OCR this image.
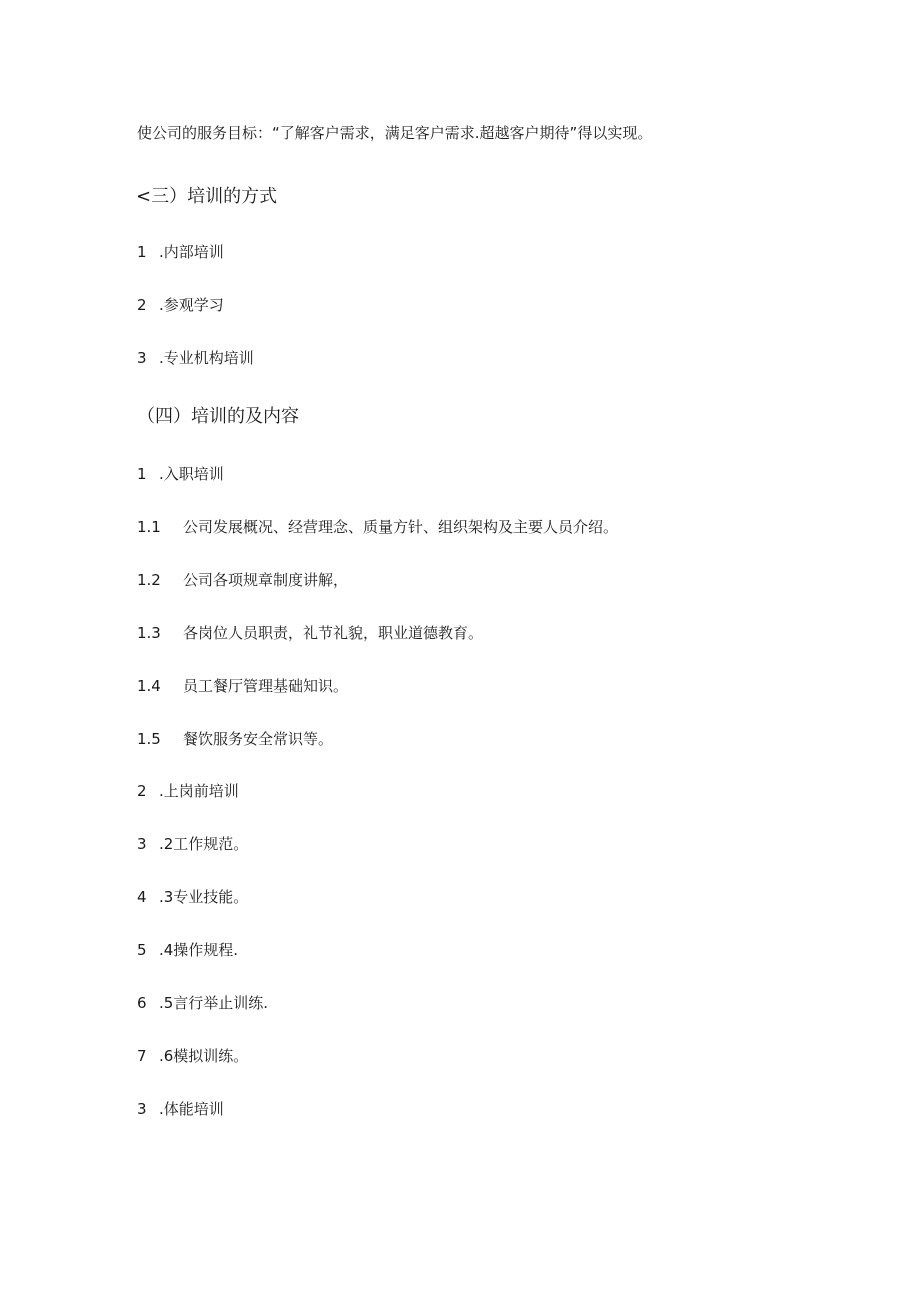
使公司的服务目标：“了解客户需求，满足客户需求.超越客户期待”得以实现。
<三）培训的方式
1 .内部培训
2 .参观学习
3 .专业机构培训
（四）培训的及内容
1 .入职培训
1.1 公司发展概况、经营理念、质量方针、组织架构及主要人员介绍。
1.2 公司各项规章制度讲解，
1.3 各岗位人员职责，礼节礼貌，职业道德教育。
1.4 员工餐厅管理基础知识。
1.5 餐饮服务安全常识等。
2 .上岗前培训
3 .2工作规范。
4 .3专业技能。
5 .4操作规程.
6 .5言行举止训练.
7 .6模拟训练。
3 .体能培训
